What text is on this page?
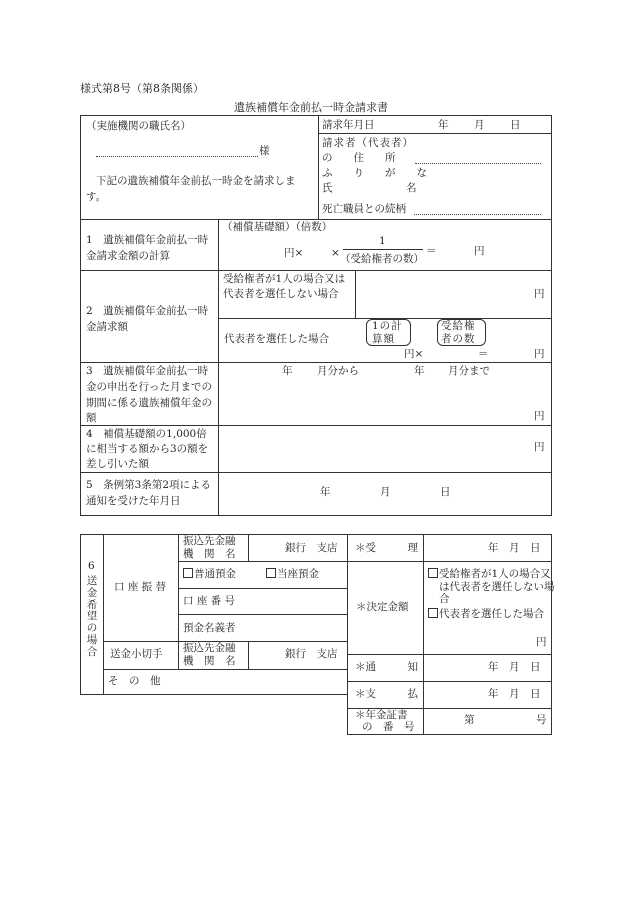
様式第8号（第8条関係）
遺族補償年金前払一時金請求書
（実施機関の職氏名）
様
下記の遺族補償年金前払一時金を請求します。
請求年月日	年 月 日
請求者（代表者）
の　　住　　所
ふ　　り　　が　　な
氏　　　　　　　名
死亡職員との続柄
1　遺族補償年金前払一時金請求金額の計算
（補償基礎額）（倍数）
円×	×
1
（受給権者の数）
＝	円
2　遺族補償年金前払一時金請求額
受給権者が1人の場合又は代表者を選任しない場合	円
代表者を選任した場合
1の計算額
受給権者の数
円×	＝	円
3　遺族補償年金前払一時金の申出を行った月までの期間に係る遺族補償年金の額
年 月分から	年 月分まで
円
4　補償基礎額の1,000倍に相当する額から3の額を差し引いた額
円
5　条例第3条第2項による通知を受けた年月日
年	月	日
6
送金希望の場合
口 座 振 替
振込先金融
機　関　名	銀行　支店
普通預金	当座預金
口 座 番 号
預金名義者
送金小切手 振込先金融
機　関　名
銀行　支店
そ　の　他
＊受　　　理	年　月　日
＊決定金額
受給権者が1人の場合又は代表者を選任しない場合
代表者を選任した場合
円
＊通　　　知	年　月　日
＊支　　　払	年　月　日
＊年金証書
の　番　号
第	号
